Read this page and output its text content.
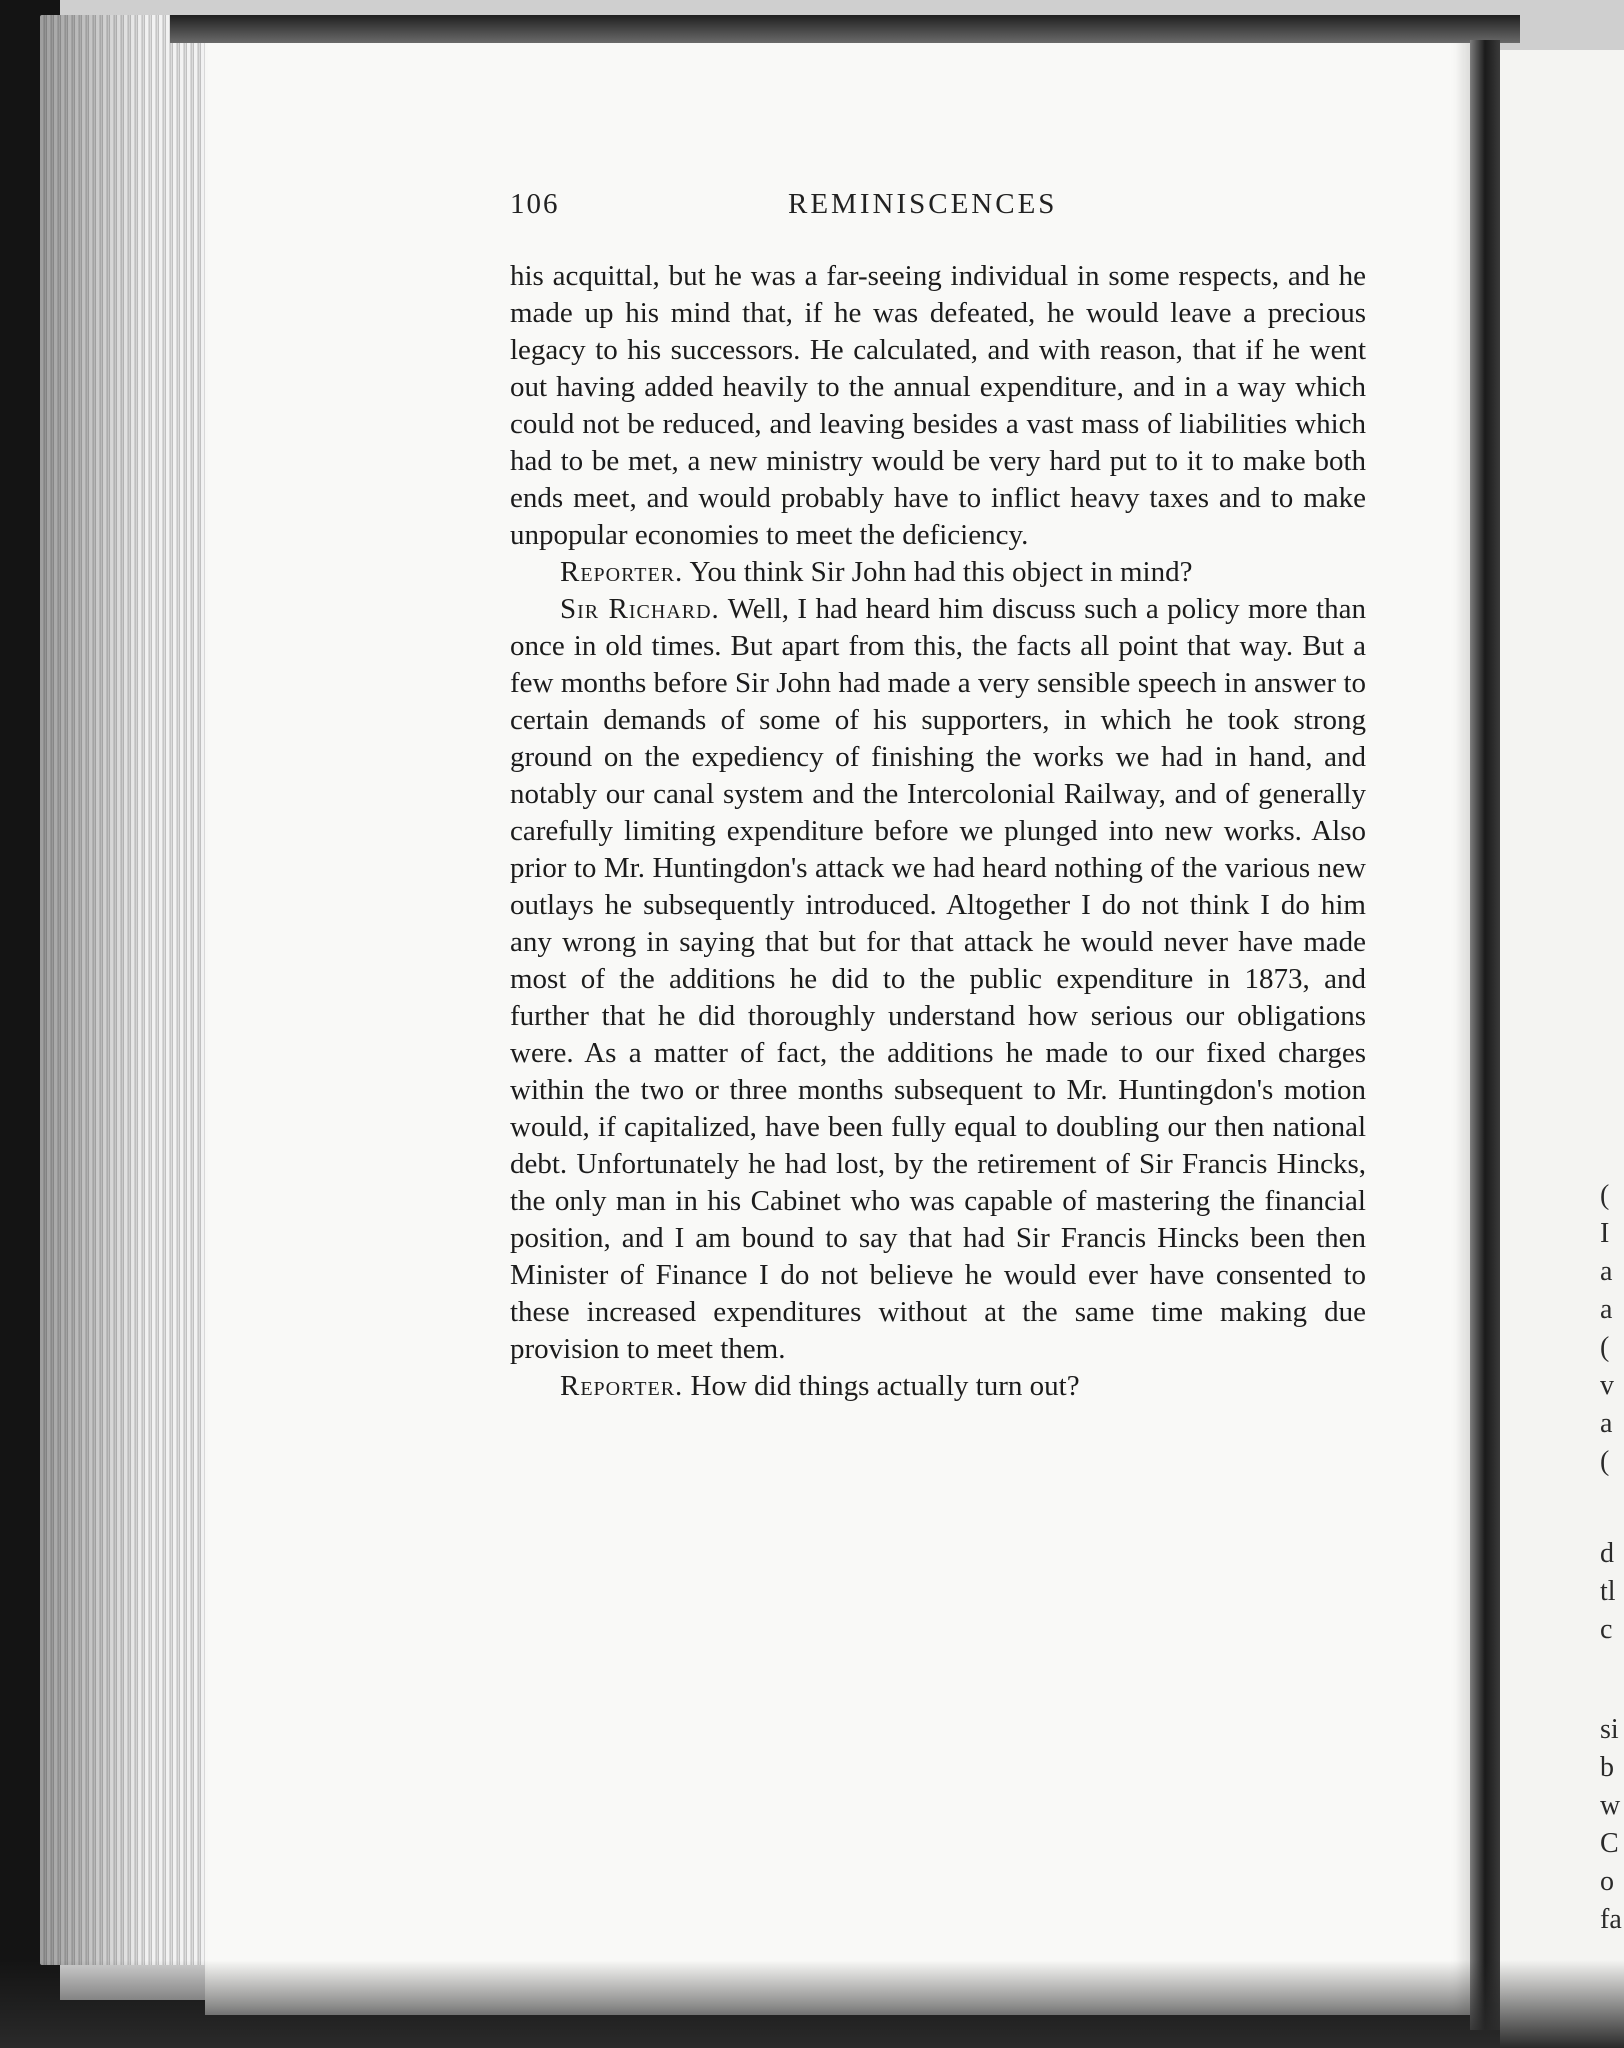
106	REMINISCENCES

his acquittal, but he was a far-seeing individual in some respects, and he made up his mind that, if he was defeated, he would leave a precious legacy to his successors. He calculated, and with reason, that if he went out having added heavily to the annual expenditure, and in a way which could not be reduced, and leaving besides a vast mass of liabilities which had to be met, a new ministry would be very hard put to it to make both ends meet, and would probably have to inflict heavy taxes and to make unpopular economies to meet the deficiency.

Reporter. You think Sir John had this object in mind?

Sir Richard. Well, I had heard him discuss such a policy more than once in old times. But apart from this, the facts all point that way. But a few months before Sir John had made a very sensible speech in answer to certain demands of some of his supporters, in which he took strong ground on the expediency of finishing the works we had in hand, and notably our canal system and the Intercolonial Railway, and of generally carefully limiting expenditure before we plunged into new works. Also prior to Mr. Huntingdon's attack we had heard nothing of the various new outlays he subsequently introduced. Altogether I do not think I do him any wrong in saying that but for that attack he would never have made most of the additions he did to the public expenditure in 1873, and further that he did thoroughly understand how serious our obligations were. As a matter of fact, the additions he made to our fixed charges within the two or three months subsequent to Mr. Huntingdon's motion would, if capitalized, have been fully equal to doubling our then national debt. Unfortunately he had lost, by the retirement of Sir Francis Hincks, the only man in his Cabinet who was capable of mastering the financial position, and I am bound to say that had Sir Francis Hincks been then Minister of Finance I do not believe he would ever have consented to these increased expenditures without at the same time making due provision to meet them.

Reporter. How did things actually turn out?

(
I
a
a
(
v
a
(
d
tl
c
si
b
w
C
o
fa
